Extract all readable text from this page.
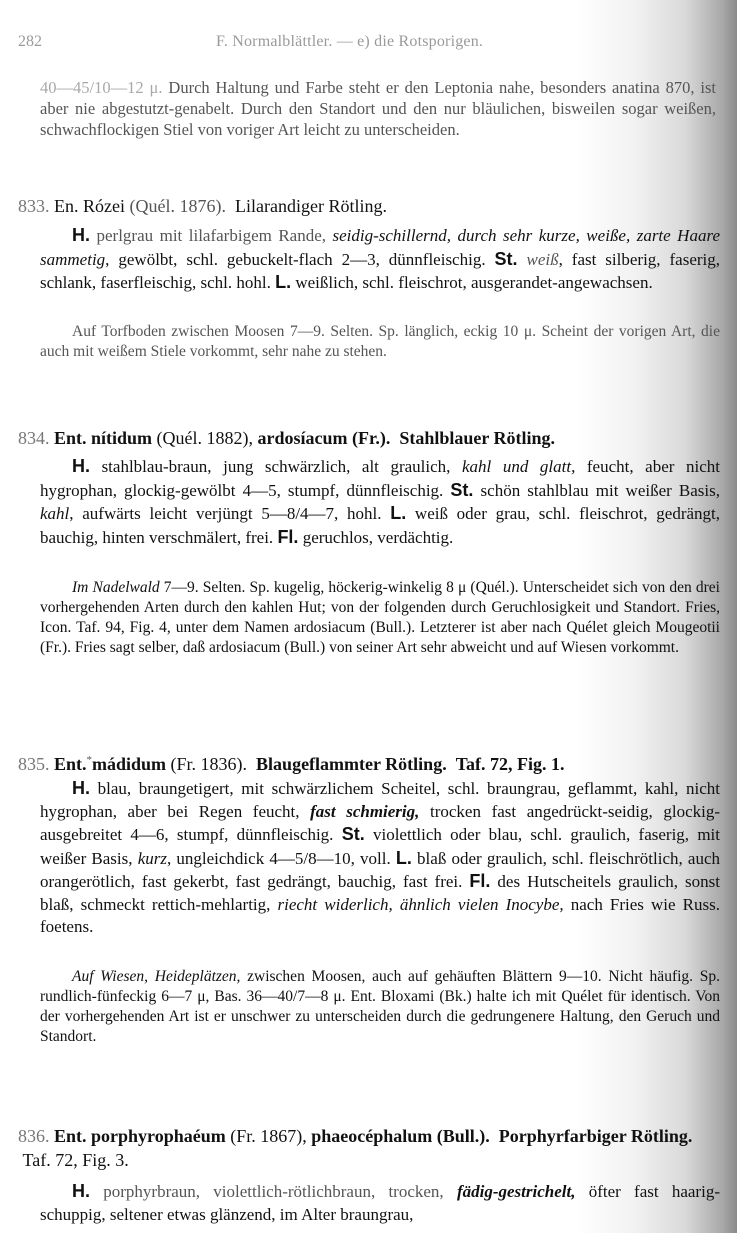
282	F. Normalblättler. — e) die Rotsporigen.

40—45/10—12 μ. Durch Haltung und Farbe steht er den Leptonia nahe, besonders anatina 870, ist aber nie abgestutzt-genabelt. Durch den Standort und den nur bläulichen, bisweilen sogar weißen, schwachflockigen Stiel von voriger Art leicht zu unterscheiden.

833. En. Rózei (Quél. 1876). Lilarandiger Rötling.

H. perlgrau mit lilafarbigem Rande, seidig-schillernd, durch sehr kurze, weiße, zarte Haare sammetig, gewölbt, schl. gebuckelt-flach 2—3, dünnfleischig. St. weiß, fast silberig, faserig, schlank, faserfleischig, schl. hohl. L. weißlich, schl. fleischrot, ausgerandet-angewachsen.

Auf Torfboden zwischen Moosen 7—9. Selten. Sp. länglich, eckig 10 μ. Scheint der vorigen Art, die auch mit weißem Stiele vorkommt, sehr nahe zu stehen.

834. Ent. nítidum (Quél. 1882), ardosíacum (Fr.). Stahlblauer Rötling.

H. stahlblau-braun, jung schwärzlich, alt graulich, kahl und glatt, feucht, aber nicht hygrophan, glockig-gewölbt 4—5, stumpf, dünnfleischig. St. schön stahlblau mit weißer Basis, kahl, aufwärts leicht verjüngt 5—8/4—7, hohl. L. weiß oder grau, schl. fleischrot, gedrängt, bauchig, hinten verschmälert, frei. Fl. geruchlos, verdächtig.

Im Nadelwald 7—9. Selten. Sp. kugelig, höckerig-winkelig 8 μ (Quél.). Unterscheidet sich von den drei vorhergehenden Arten durch den kahlen Hut; von der folgenden durch Geruchlosigkeit und Standort. Fries, Icon. Taf. 94, Fig. 4, unter dem Namen ardosiacum (Bull.). Letzterer ist aber nach Quélet gleich Mougeotii (Fr.). Fries sagt selber, daß ardosiacum (Bull.) von seiner Art sehr abweicht und auf Wiesen vorkommt.

835. Ent.*mádidum (Fr. 1836). Blaugeflammter Rötling. Taf. 72, Fig. 1.

H. blau, braungetigert, mit schwärzlichem Scheitel, schl. braungrau, geflammt, kahl, nicht hygrophan, aber bei Regen feucht, fast schmierig, trocken fast angedrückt-seidig, glockig-ausgebreitet 4—6, stumpf, dünnfleischig. St. violettlich oder blau, schl. graulich, faserig, mit weißer Basis, kurz, ungleichdick 4—5/8—10, voll. L. blaß oder graulich, schl. fleischrötlich, auch orangerötlich, fast gekerbt, fast gedrängt, bauchig, fast frei. Fl. des Hutscheitels graulich, sonst blaß, schmeckt rettich-mehlartig, riecht widerlich, ähnlich vielen Inocybe, nach Fries wie Russ. foetens.

Auf Wiesen, Heideplätzen, zwischen Moosen, auch auf gehäuften Blättern 9—10. Nicht häufig. Sp. rundlich-fünfeckig 6—7 μ, Bas. 36—40/7—8 μ. Ent. Bloxami (Bk.) halte ich mit Quélet für identisch. Von der vorhergehenden Art ist er unschwer zu unterscheiden durch die gedrungenere Haltung, den Geruch und Standort.

836. Ent. porphyrophaéum (Fr. 1867), phaeocéphalum (Bull.). Porphyrfarbiger Rötling.  Taf. 72, Fig. 3.

H. porphyrbraun, violettlich-rötlichbraun, trocken, fädig-gestrichelt, öfter fast haarig-schuppig, seltener etwas glänzend, im Alter braungrau,
